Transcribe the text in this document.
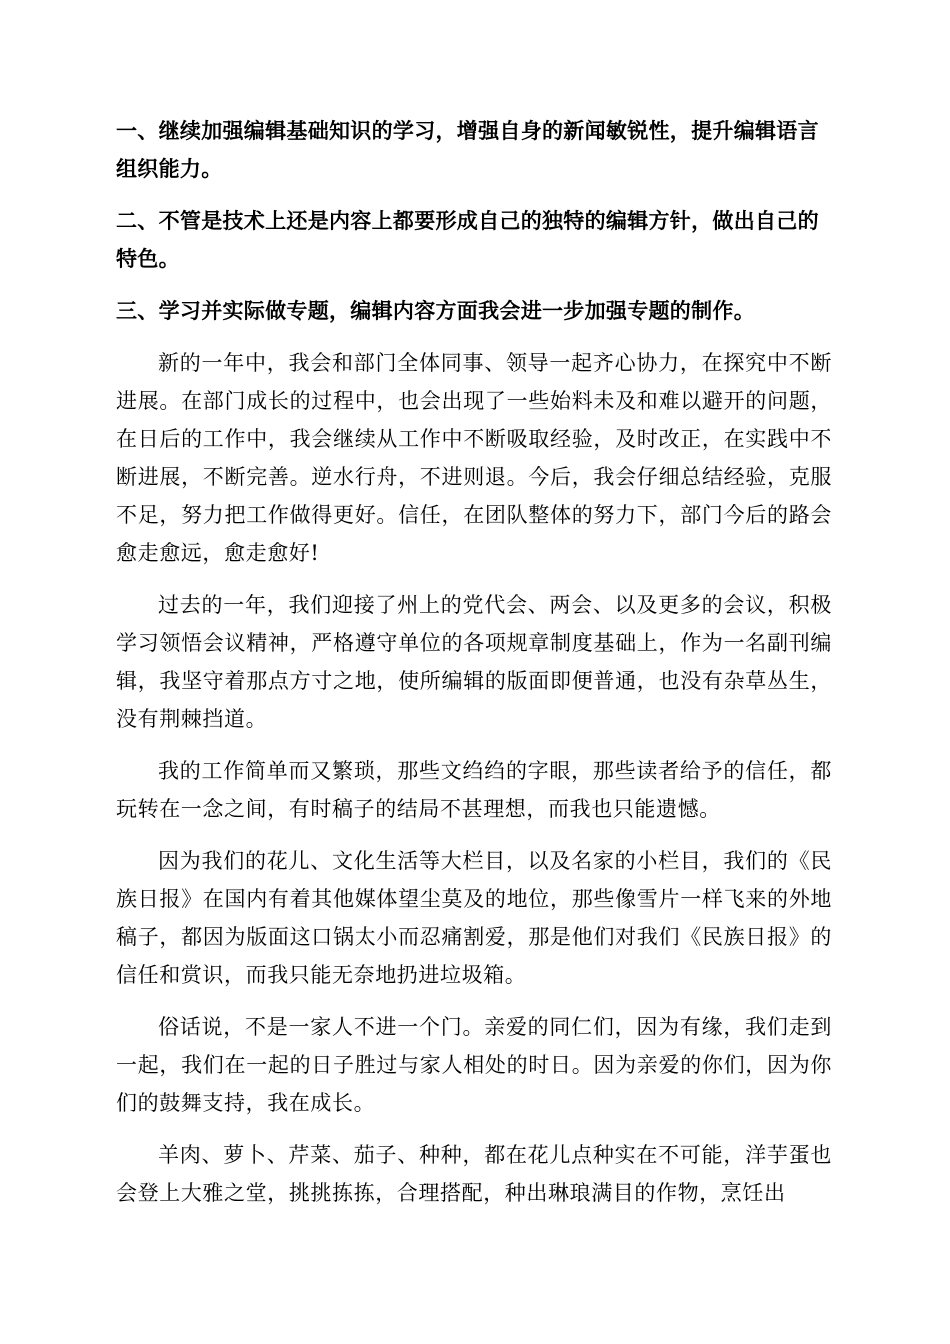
一、继续加强编辑基础知识的学习，增强自身的新闻敏锐性，提升编辑语言组织能力。

二、不管是技术上还是内容上都要形成自己的独特的编辑方针，做出自己的特色。

三、学习并实际做专题，编辑内容方面我会进一步加强专题的制作。

新的一年中，我会和部门全体同事、领导一起齐心协力，在探究中不断进展。在部门成长的过程中，也会出现了一些始料未及和难以避开的问题，在日后的工作中，我会继续从工作中不断吸取经验，及时改正，在实践中不断进展，不断完善。逆水行舟，不进则退。今后，我会仔细总结经验，克服不足，努力把工作做得更好。信任，在团队整体的努力下，部门今后的路会愈走愈远，愈走愈好!

过去的一年，我们迎接了州上的党代会、两会、以及更多的会议，积极学习领悟会议精神，严格遵守单位的各项规章制度基础上，作为一名副刊编辑，我坚守着那点方寸之地，使所编辑的版面即便普通，也没有杂草丛生，没有荆棘挡道。

我的工作简单而又繁琐，那些文绉绉的字眼，那些读者给予的信任，都玩转在一念之间，有时稿子的结局不甚理想，而我也只能遗憾。

因为我们的花儿、文化生活等大栏目，以及名家的小栏目，我们的《民族日报》在国内有着其他媒体望尘莫及的地位，那些像雪片一样飞来的外地稿子，都因为版面这口锅太小而忍痛割爱，那是他们对我们《民族日报》的信任和赏识，而我只能无奈地扔进垃圾箱。

俗话说，不是一家人不进一个门。亲爱的同仁们，因为有缘，我们走到一起，我们在一起的日子胜过与家人相处的时日。因为亲爱的你们，因为你们的鼓舞支持，我在成长。

羊肉、萝卜、芹菜、茄子、种种，都在花儿点种实在不可能，洋芋蛋也会登上大雅之堂，挑挑拣拣，合理搭配，种出琳琅满目的作物，烹饪出
